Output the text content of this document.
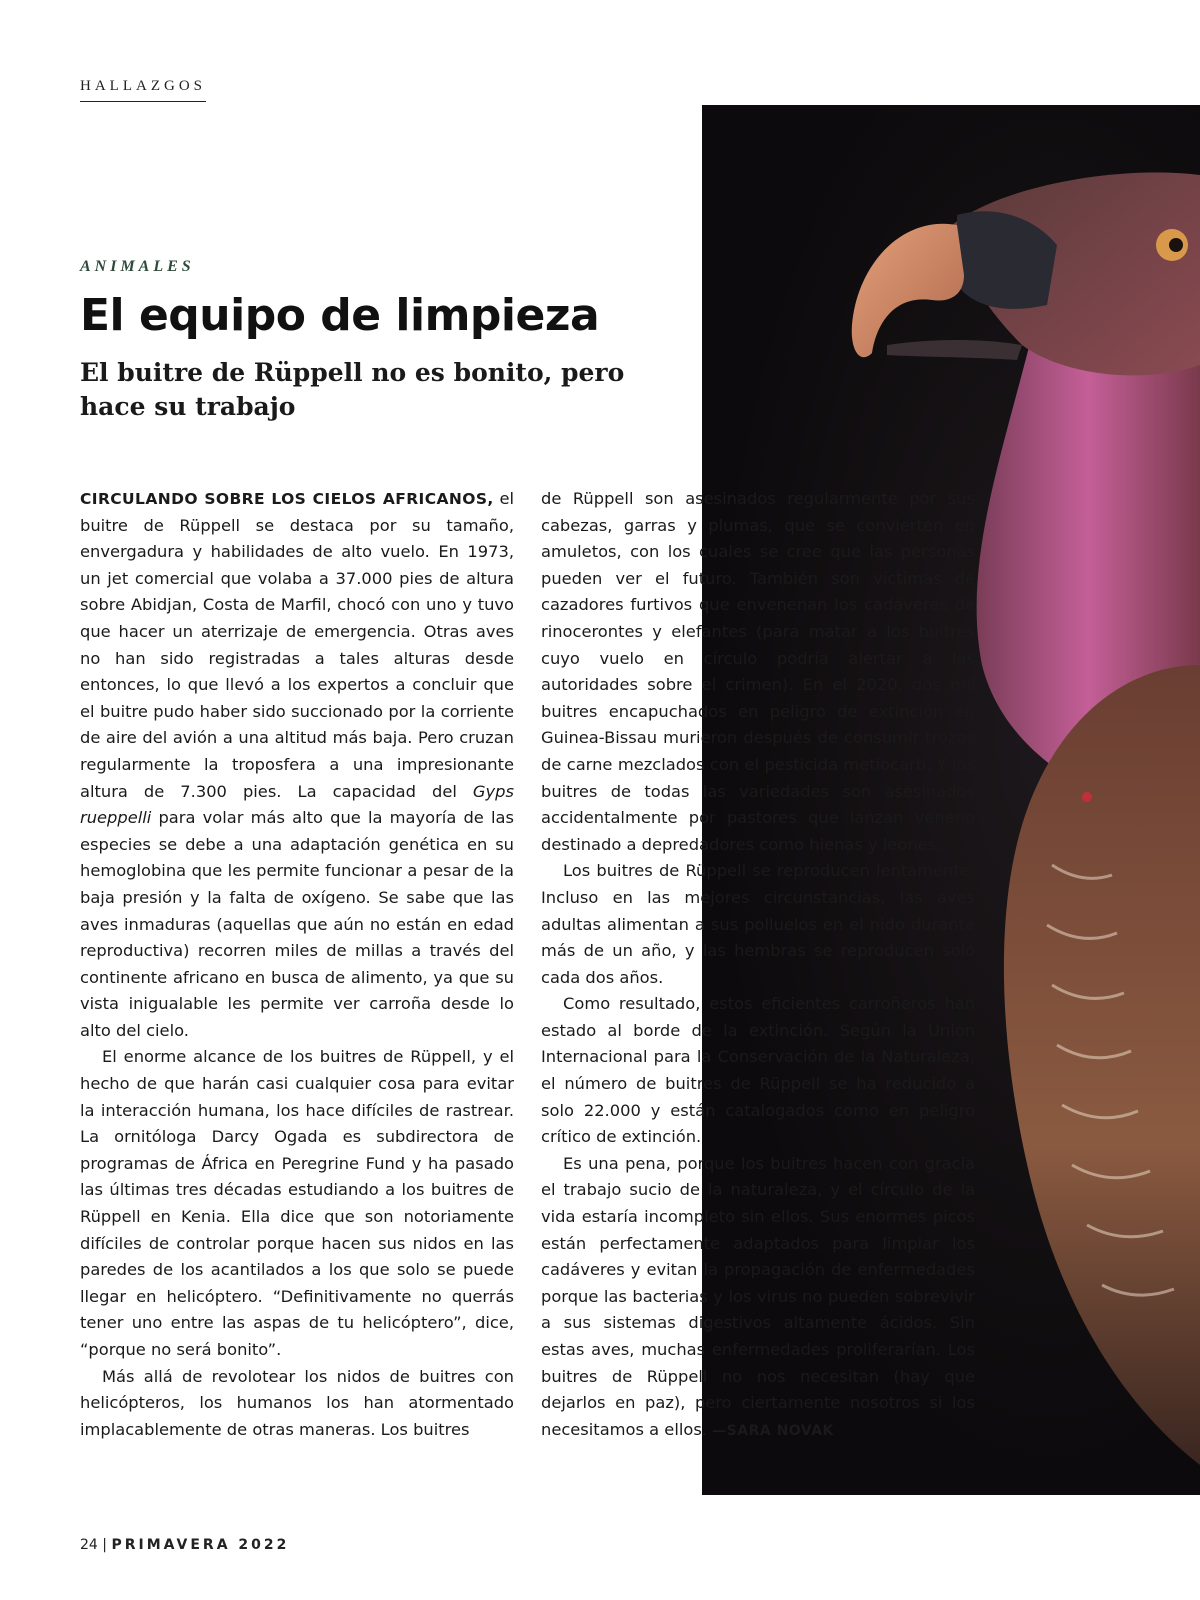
HALLAZGOS
ANIMALES
El equipo de limpieza
El buitre de Rüppell no es bonito, pero hace su trabajo

CIRCULANDO SOBRE LOS CIELOS AFRICANOS, el buitre de Rüppell se destaca por su tamaño, envergadura y habilidades de alto vuelo. En 1973, un jet comercial que volaba a 37.000 pies de altura sobre Abidjan, Costa de Marfil, chocó con uno y tuvo que hacer un aterrizaje de emergencia. Otras aves no han sido registradas a tales alturas desde entonces, lo que llevó a los expertos a concluir que el buitre pudo haber sido succionado por la corriente de aire del avión a una altitud más baja. Pero cruzan regularmente la troposfera a una impresionante altura de 7.300 pies. La capacidad del Gyps rueppelli para volar más alto que la mayoría de las especies se debe a una adaptación genética en su hemoglobina que les permite funcionar a pesar de la baja presión y la falta de oxígeno. Se sabe que las aves inmaduras (aquellas que aún no están en edad reproductiva) recorren miles de millas a través del continente africano en busca de alimento, ya que su vista inigualable les permite ver carroña desde lo alto del cielo.

El enorme alcance de los buitres de Rüppell, y el hecho de que harán casi cualquier cosa para evitar la interacción humana, los hace difíciles de rastrear. La ornitóloga Darcy Ogada es subdirectora de programas de África en Peregrine Fund y ha pasado las últimas tres décadas estudiando a los buitres de Rüppell en Kenia. Ella dice que son notoriamente difíciles de controlar porque hacen sus nidos en las paredes de los acantilados a los que solo se puede llegar en helicóptero. “Definitivamente no querrás tener uno entre las aspas de tu helicóptero”, dice, “porque no será bonito”.

Más allá de revolotear los nidos de buitres con helicópteros, los humanos los han atormentado implacablemente de otras maneras. Los buitres

de Rüppell son asesinados regularmente por sus cabezas, garras y plumas, que se convierten en amuletos, con los cuales se cree que las personas pueden ver el futuro. También son víctimas de cazadores furtivos que envenenan los cadáveres de rinocerontes y elefantes (para matar a los buitres cuyo vuelo en círculo podría alertar a las autoridades sobre el crimen). En el 2020, dos mil buitres encapuchados en peligro de extinción en Guinea-Bissau murieron después de consumir trozos de carne mezclados con el pesticida metiocarb. Y los buitres de todas las variedades son asesinados accidentalmente por pastores que lanzan veneno destinado a depredadores como hienas y leones.

Los buitres de Rüppell se reproducen lentamente. Incluso en las mejores circunstancias, las aves adultas alimentan a sus polluelos en el nido durante más de un año, y las hembras se reproducen solo cada dos años.

Como resultado, estos eficientes carroñeros han estado al borde de la extinción. Según la Unión Internacional para la Conservación de la Naturaleza, el número de buitres de Rüppell se ha reducido a solo 22.000 y están catalogados como en peligro crítico de extinción.

Es una pena, porque los buitres hacen con gracia el trabajo sucio de la naturaleza, y el círculo de la vida estaría incompleto sin ellos. Sus enormes picos están perfectamente adaptados para limpiar los cadáveres y evitan la propagación de enfermedades porque las bacterias y los virus no pueden sobrevivir a sus sistemas digestivos altamente ácidos. Sin estas aves, muchas enfermedades proliferarían. Los buitres de Rüppell no nos necesitan (hay que dejarlos en paz), pero ciertamente nosotros si los necesitamos a ellos. —SARA NOVAK

24 | PRIMAVERA 2022
